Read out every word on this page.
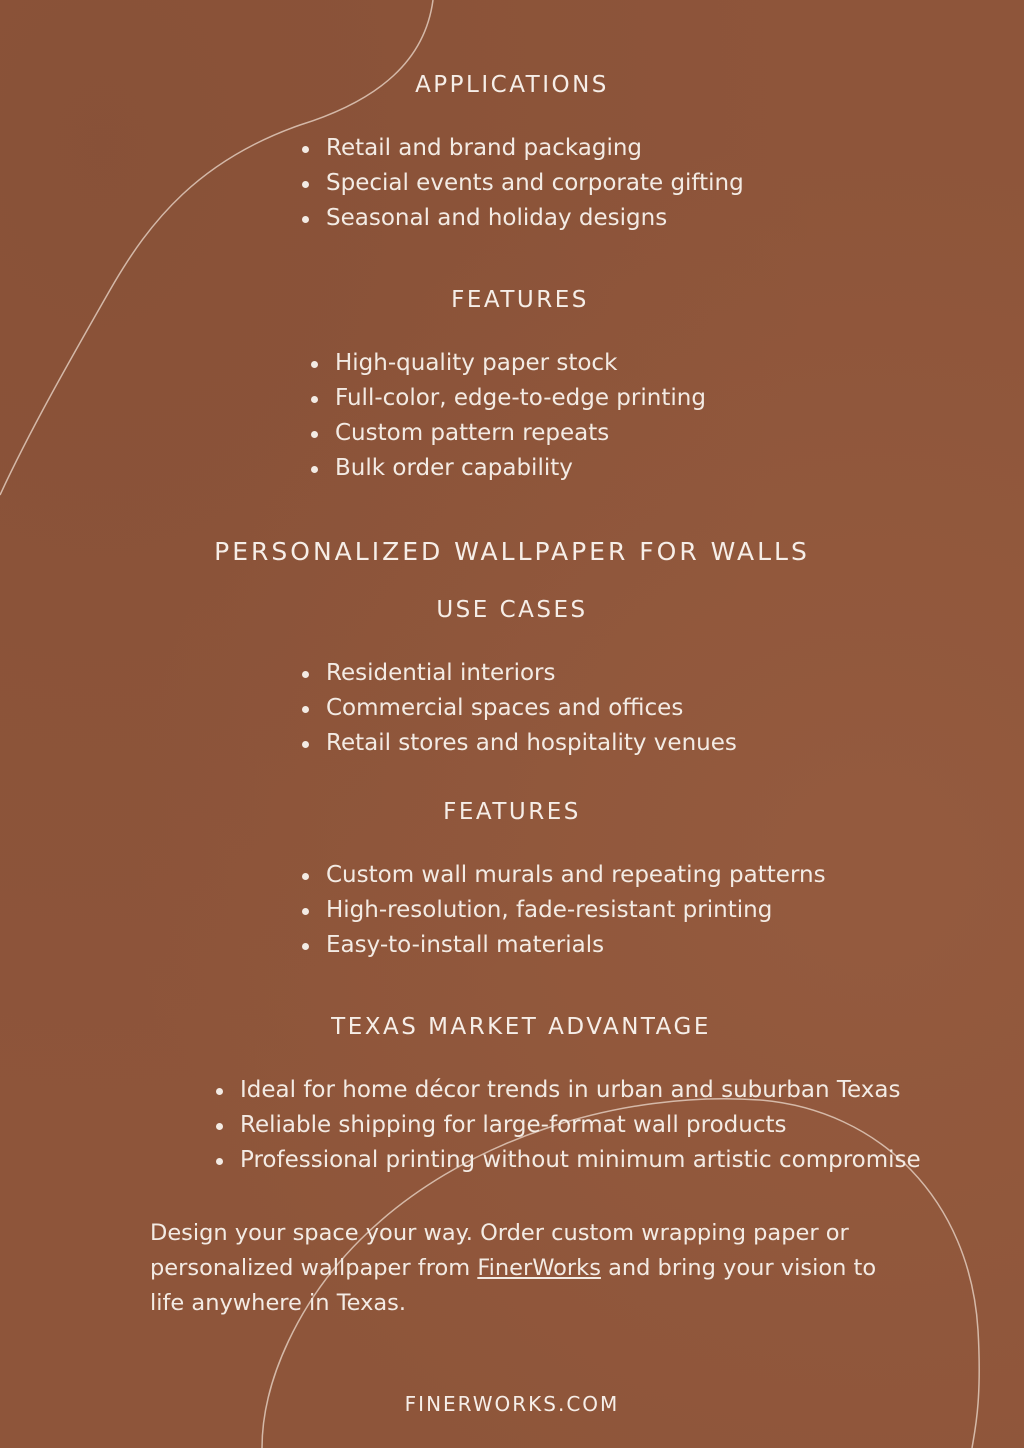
APPLICATIONS
Retail and brand packaging
Special events and corporate gifting
Seasonal and holiday designs
FEATURES
High-quality paper stock
Full-color, edge-to-edge printing
Custom pattern repeats
Bulk order capability
PERSONALIZED WALLPAPER FOR WALLS
USE CASES
Residential interiors
Commercial spaces and offices
Retail stores and hospitality venues
FEATURES
Custom wall murals and repeating patterns
High-resolution, fade-resistant printing
Easy-to-install materials
TEXAS MARKET ADVANTAGE
Ideal for home décor trends in urban and suburban Texas
Reliable shipping for large-format wall products
Professional printing without minimum artistic compromise

Design your space your way. Order custom wrapping paper or personalized wallpaper from FinerWorks and bring your vision to life anywhere in Texas.

FINERWORKS.COM
